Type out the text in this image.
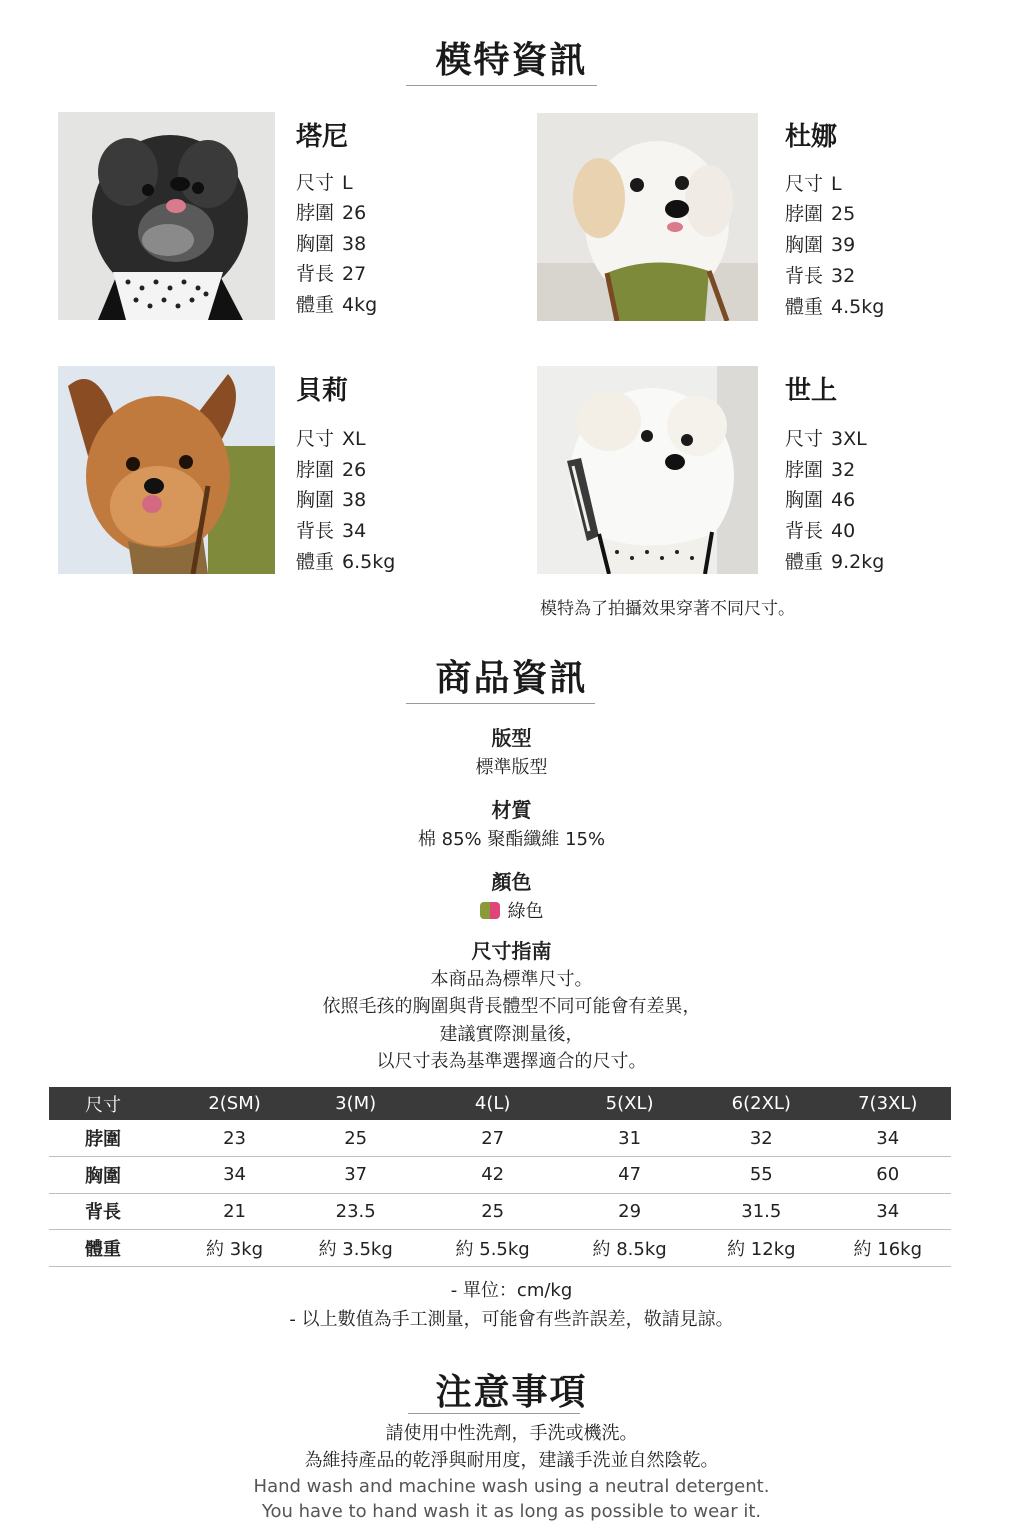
模特資訊
塔尼
尺寸 L
脖圍 26
胸圍 38
背長 27
體重 4kg
杜娜
尺寸 L
脖圍 25
胸圍 39
背長 32
體重 4.5kg
貝莉
尺寸 XL
脖圍 26
胸圍 38
背長 34
體重 6.5kg
世上
尺寸 3XL
脖圍 32
胸圍 46
背長 40
體重 9.2kg
模特為了拍攝效果穿著不同尺寸。
商品資訊
版型
標準版型
材質
棉 85% 聚酯纖維 15%
顏色
綠色
尺寸指南
本商品為標準尺寸。
依照毛孩的胸圍與背長體型不同可能會有差異，
建議實際測量後，
以尺寸表為基準選擇適合的尺寸。
尺寸	2(SM)	3(M)	4(L)	5(XL)	6(2XL)	7(3XL)
脖圍	23	25	27	31	32	34
胸圍	34	37	42	47	55	60
背長	21	23.5	25	29	31.5	34
體重	約 3kg	約 3.5kg	約 5.5kg	約 8.5kg	約 12kg	約 16kg
- 單位：cm/kg
- 以上數值為手工測量，可能會有些許誤差，敬請見諒。
注意事項
請使用中性洗劑，手洗或機洗。
為維持產品的乾淨與耐用度，建議手洗並自然陰乾。
Hand wash and machine wash using a neutral detergent.
You have to hand wash it as long as possible to wear it.
